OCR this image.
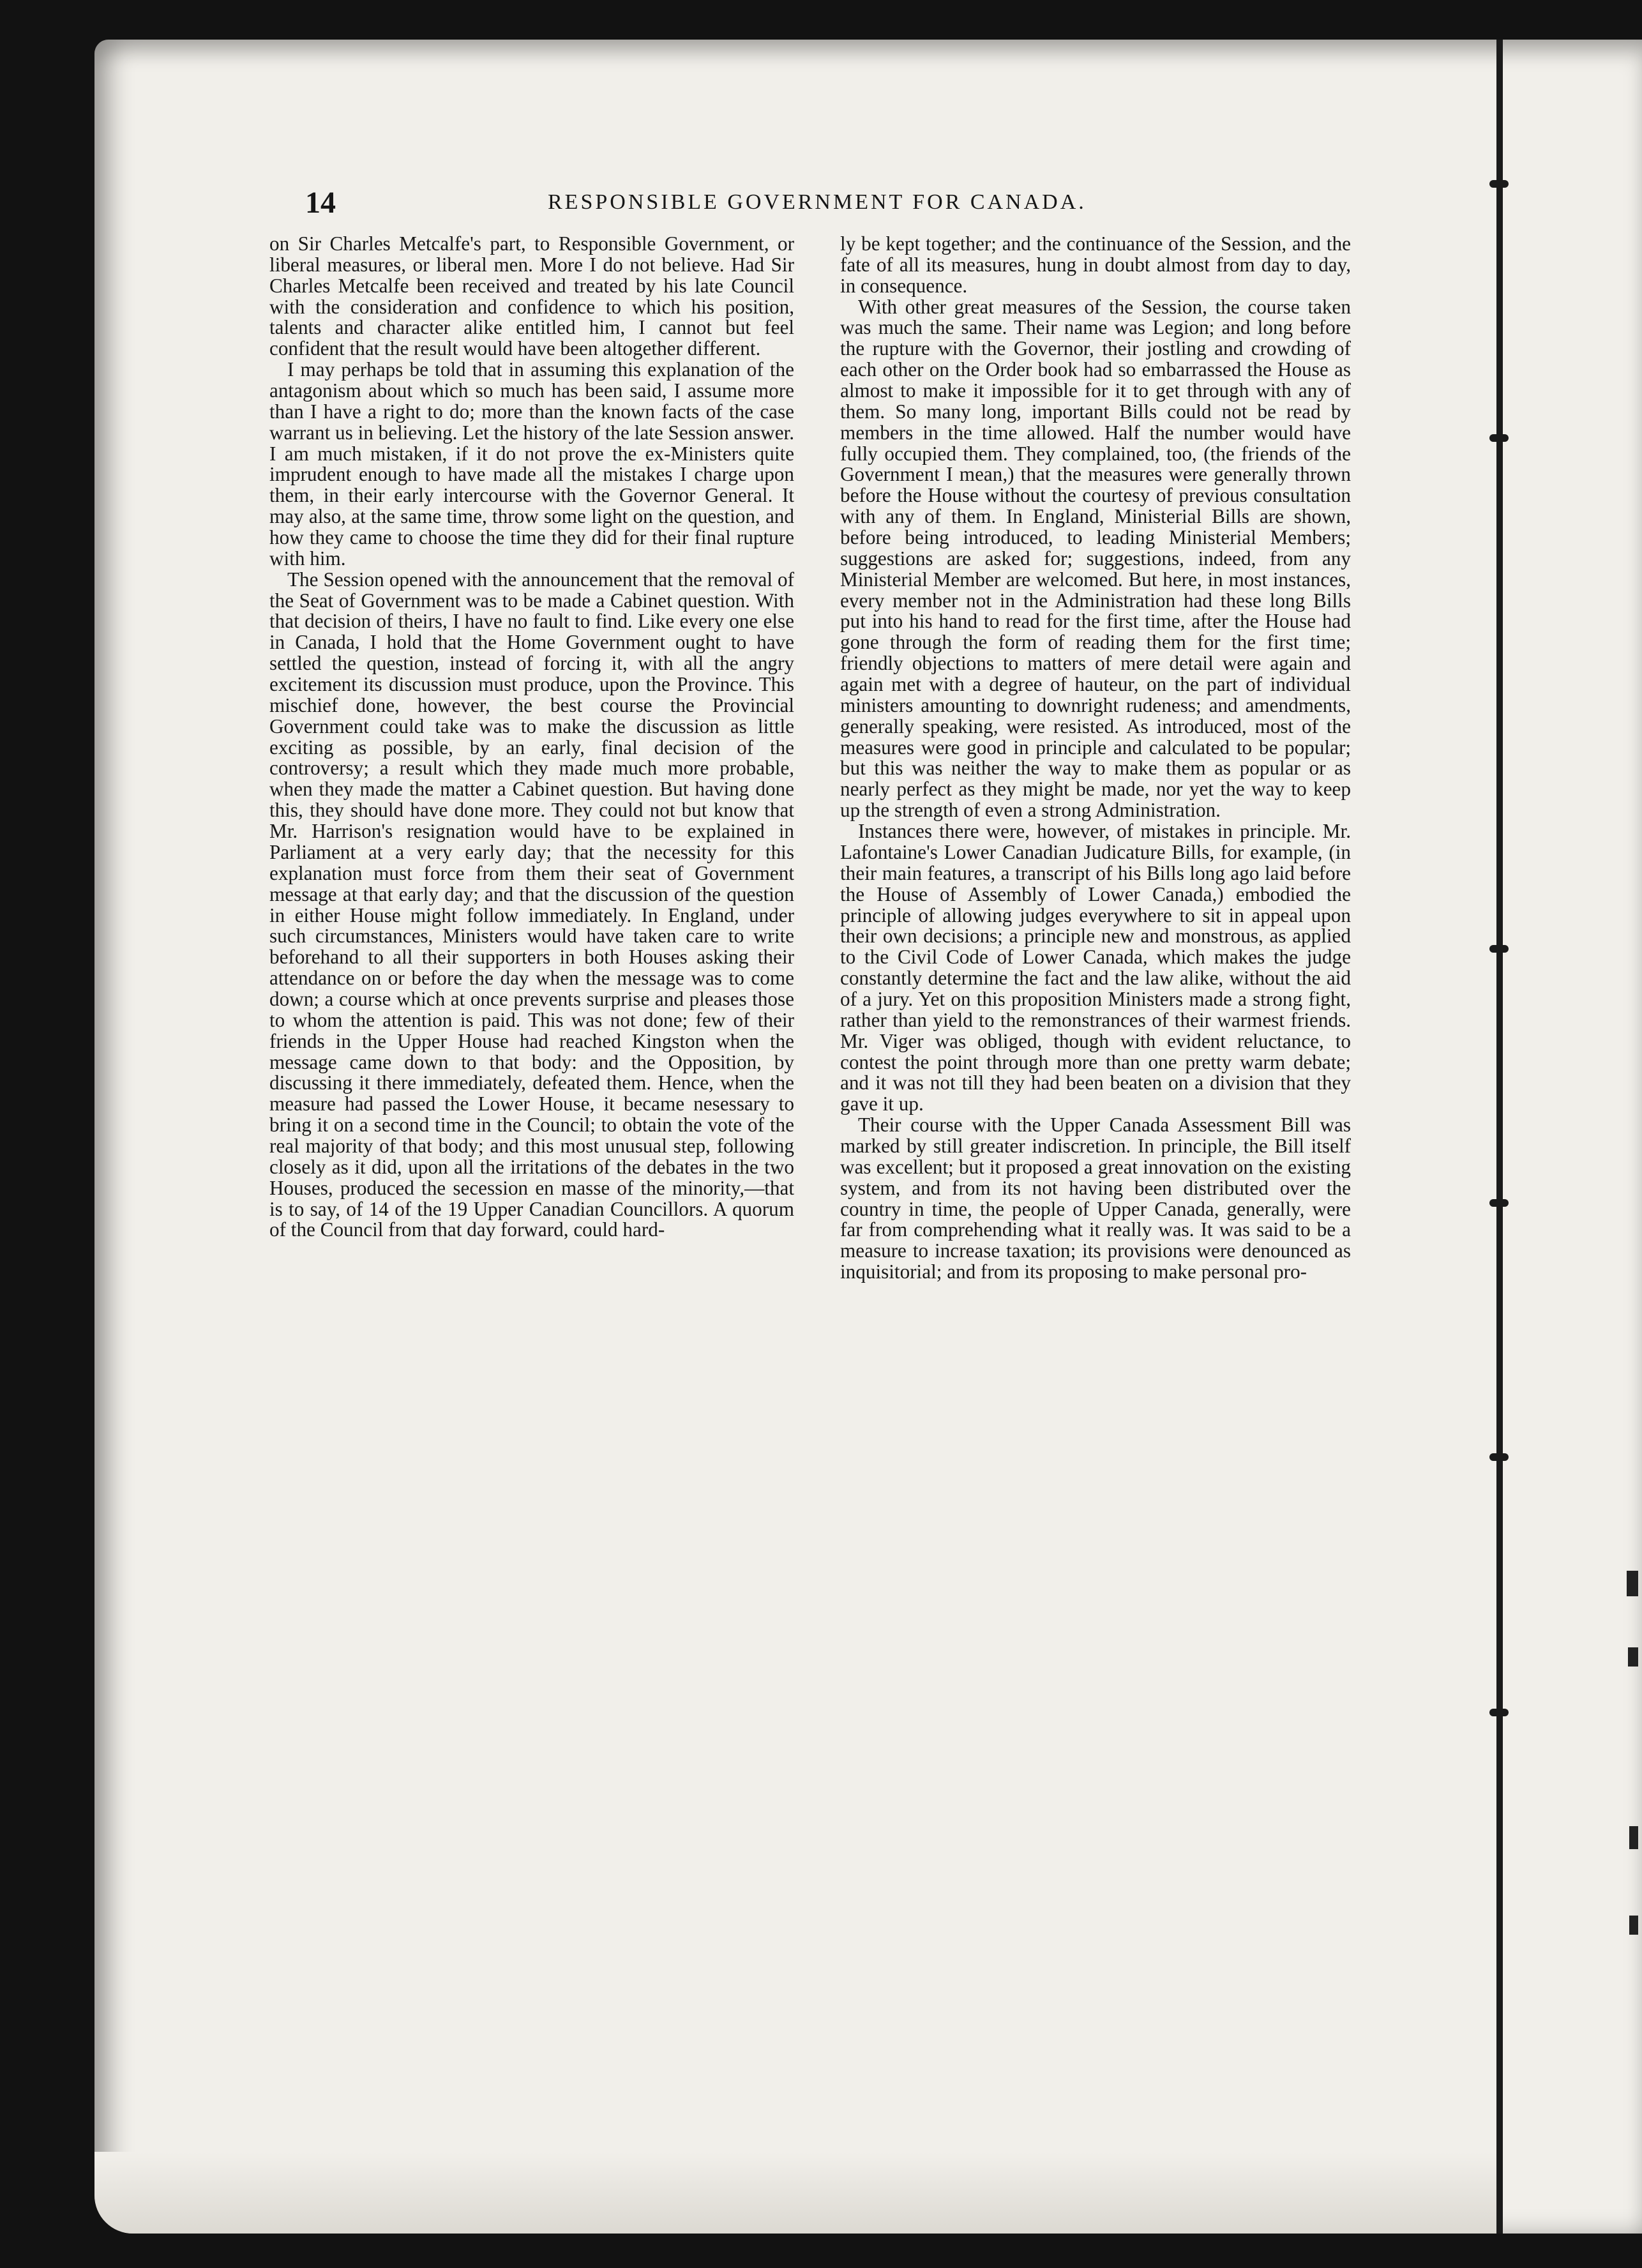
14	RESPONSIBLE GOVERNMENT FOR CANADA.

on Sir Charles Metcalfe's part, to Responsible Government, or liberal measures, or liberal men. More I do not believe. Had Sir Charles Metcalfe been received and treated by his late Council with the consideration and confidence to which his position, talents and character alike entitled him, I cannot but feel confident that the result would have been altogether different.

I may perhaps be told that in assuming this explanation of the antagonism about which so much has been said, I assume more than I have a right to do; more than the known facts of the case warrant us in believing. Let the history of the late Session answer. I am much mistaken, if it do not prove the ex-Ministers quite imprudent enough to have made all the mistakes I charge upon them, in their early intercourse with the Governor General. It may also, at the same time, throw some light on the question, and how they came to choose the time they did for their final rupture with him.

The Session opened with the announcement that the removal of the Seat of Government was to be made a Cabinet question. With that decision of theirs, I have no fault to find. Like every one else in Canada, I hold that the Home Government ought to have settled the question, instead of forcing it, with all the angry excitement its discussion must produce, upon the Province. This mischief done, however, the best course the Provincial Government could take was to make the discussion as little exciting as possible, by an early, final decision of the controversy; a result which they made much more probable, when they made the matter a Cabinet question. But having done this, they should have done more. They could not but know that Mr. Harrison's resignation would have to be explained in Parliament at a very early day; that the necessity for this explanation must force from them their seat of Government message at that early day; and that the discussion of the question in either House might follow immediately. In England, under such circumstances, Ministers would have taken care to write beforehand to all their supporters in both Houses asking their attendance on or before the day when the message was to come down; a course which at once prevents surprise and pleases those to whom the attention is paid. This was not done; few of their friends in the Upper House had reached Kingston when the message came down to that body: and the Opposition, by discussing it there immediately, defeated them. Hence, when the measure had passed the Lower House, it became nesessary to bring it on a second time in the Council; to obtain the vote of the real majority of that body; and this most unusual step, following closely as it did, upon all the irritations of the debates in the two Houses, produced the secession en masse of the minority,—that is to say, of 14 of the 19 Upper Canadian Councillors. A quorum of the Council from that day forward, could hard-

ly be kept together; and the continuance of the Session, and the fate of all its measures, hung in doubt almost from day to day, in consequence.

With other great measures of the Session, the course taken was much the same. Their name was Legion; and long before the rupture with the Governor, their jostling and crowding of each other on the Order book had so embarrassed the House as almost to make it impossible for it to get through with any of them. So many long, important Bills could not be read by members in the time allowed. Half the number would have fully occupied them. They complained, too, (the friends of the Government I mean,) that the measures were generally thrown before the House without the courtesy of previous consultation with any of them. In England, Ministerial Bills are shown, before being introduced, to leading Ministerial Members; suggestions are asked for; suggestions, indeed, from any Ministerial Member are welcomed. But here, in most instances, every member not in the Administration had these long Bills put into his hand to read for the first time, after the House had gone through the form of reading them for the first time; friendly objections to matters of mere detail were again and again met with a degree of hauteur, on the part of individual ministers amounting to downright rudeness; and amendments, generally speaking, were resisted. As introduced, most of the measures were good in principle and calculated to be popular; but this was neither the way to make them as popular or as nearly perfect as they might be made, nor yet the way to keep up the strength of even a strong Administration.

Instances there were, however, of mistakes in principle. Mr. Lafontaine's Lower Canadian Judicature Bills, for example, (in their main features, a transcript of his Bills long ago laid before the House of Assembly of Lower Canada,) embodied the principle of allowing judges everywhere to sit in appeal upon their own decisions; a principle new and monstrous, as applied to the Civil Code of Lower Canada, which makes the judge constantly determine the fact and the law alike, without the aid of a jury. Yet on this proposition Ministers made a strong fight, rather than yield to the remonstrances of their warmest friends. Mr. Viger was obliged, though with evident reluctance, to contest the point through more than one pretty warm debate; and it was not till they had been beaten on a division that they gave it up.

Their course with the Upper Canada Assessment Bill was marked by still greater indiscretion. In principle, the Bill itself was excellent; but it proposed a great innovation on the existing system, and from its not having been distributed over the country in time, the people of Upper Canada, generally, were far from comprehending what it really was. It was said to be a measure to increase taxation; its provisions were denounced as inquisitorial; and from its proposing to make personal pro-
